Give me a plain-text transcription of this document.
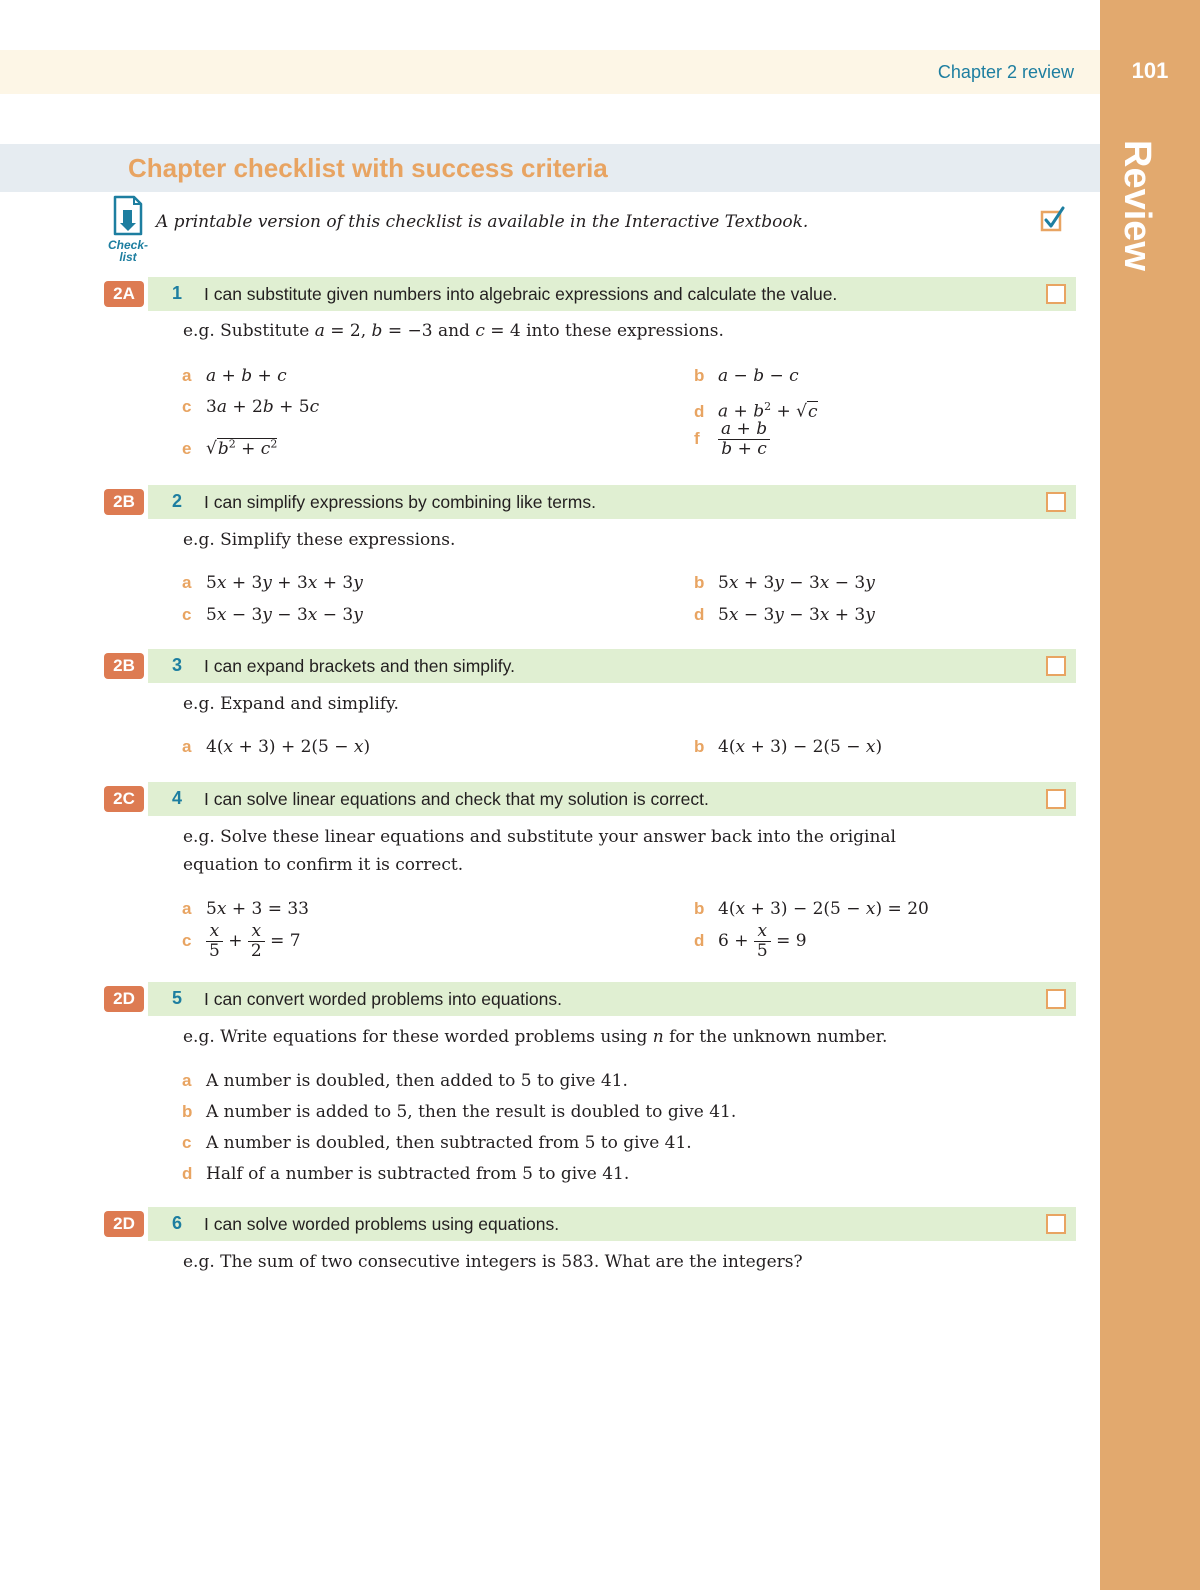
101
Review
Chapter 2 review
Chapter checklist with success criteria
Check-
list
A printable version of this checklist is available in the Interactive Textbook.
2A	1 I can substitute given numbers into algebraic expressions and calculate the value.
e.g. Substitute a = 2, b = −3 and c = 4 into these expressions.
a a + b + c	b a − b − c
c 3a + 2b + 5c	d $a + b^2 + √c$
e $√b^2 + c^2$	f $\frac{a + b}{b + c}$
2B	2 I can simplify expressions by combining like terms.
e.g. Simplify these expressions.
a 5x + 3y + 3x + 3y	b 5x + 3y − 3x − 3y
c 5x − 3y − 3x − 3y	d 5x − 3y − 3x + 3y
2B	3 I can expand brackets and then simplify.
e.g. Expand and simplify.
a 4(x + 3) + 2(5 − x)	b 4(x + 3) − 2(5 − x)
2C	4 I can solve linear equations and check that my solution is correct.
e.g. Solve these linear equations and substitute your answer back into the original equation to confirm it is correct.
a 5x + 3 = 33	b 4(x + 3) − 2(5 − x) = 20
c $\frac{x}{5} + \frac{x}{2} = 7$	d $6 + \frac{x}{5} = 9$
2D	5 I can convert worded problems into equations.
e.g. Write equations for these worded problems using n for the unknown number.
a A number is doubled, then added to 5 to give 41.
b A number is added to 5, then the result is doubled to give 41.
c A number is doubled, then subtracted from 5 to give 41.
d Half of a number is subtracted from 5 to give 41.
2D	6 I can solve worded problems using equations.
e.g. The sum of two consecutive integers is 583. What are the integers?
